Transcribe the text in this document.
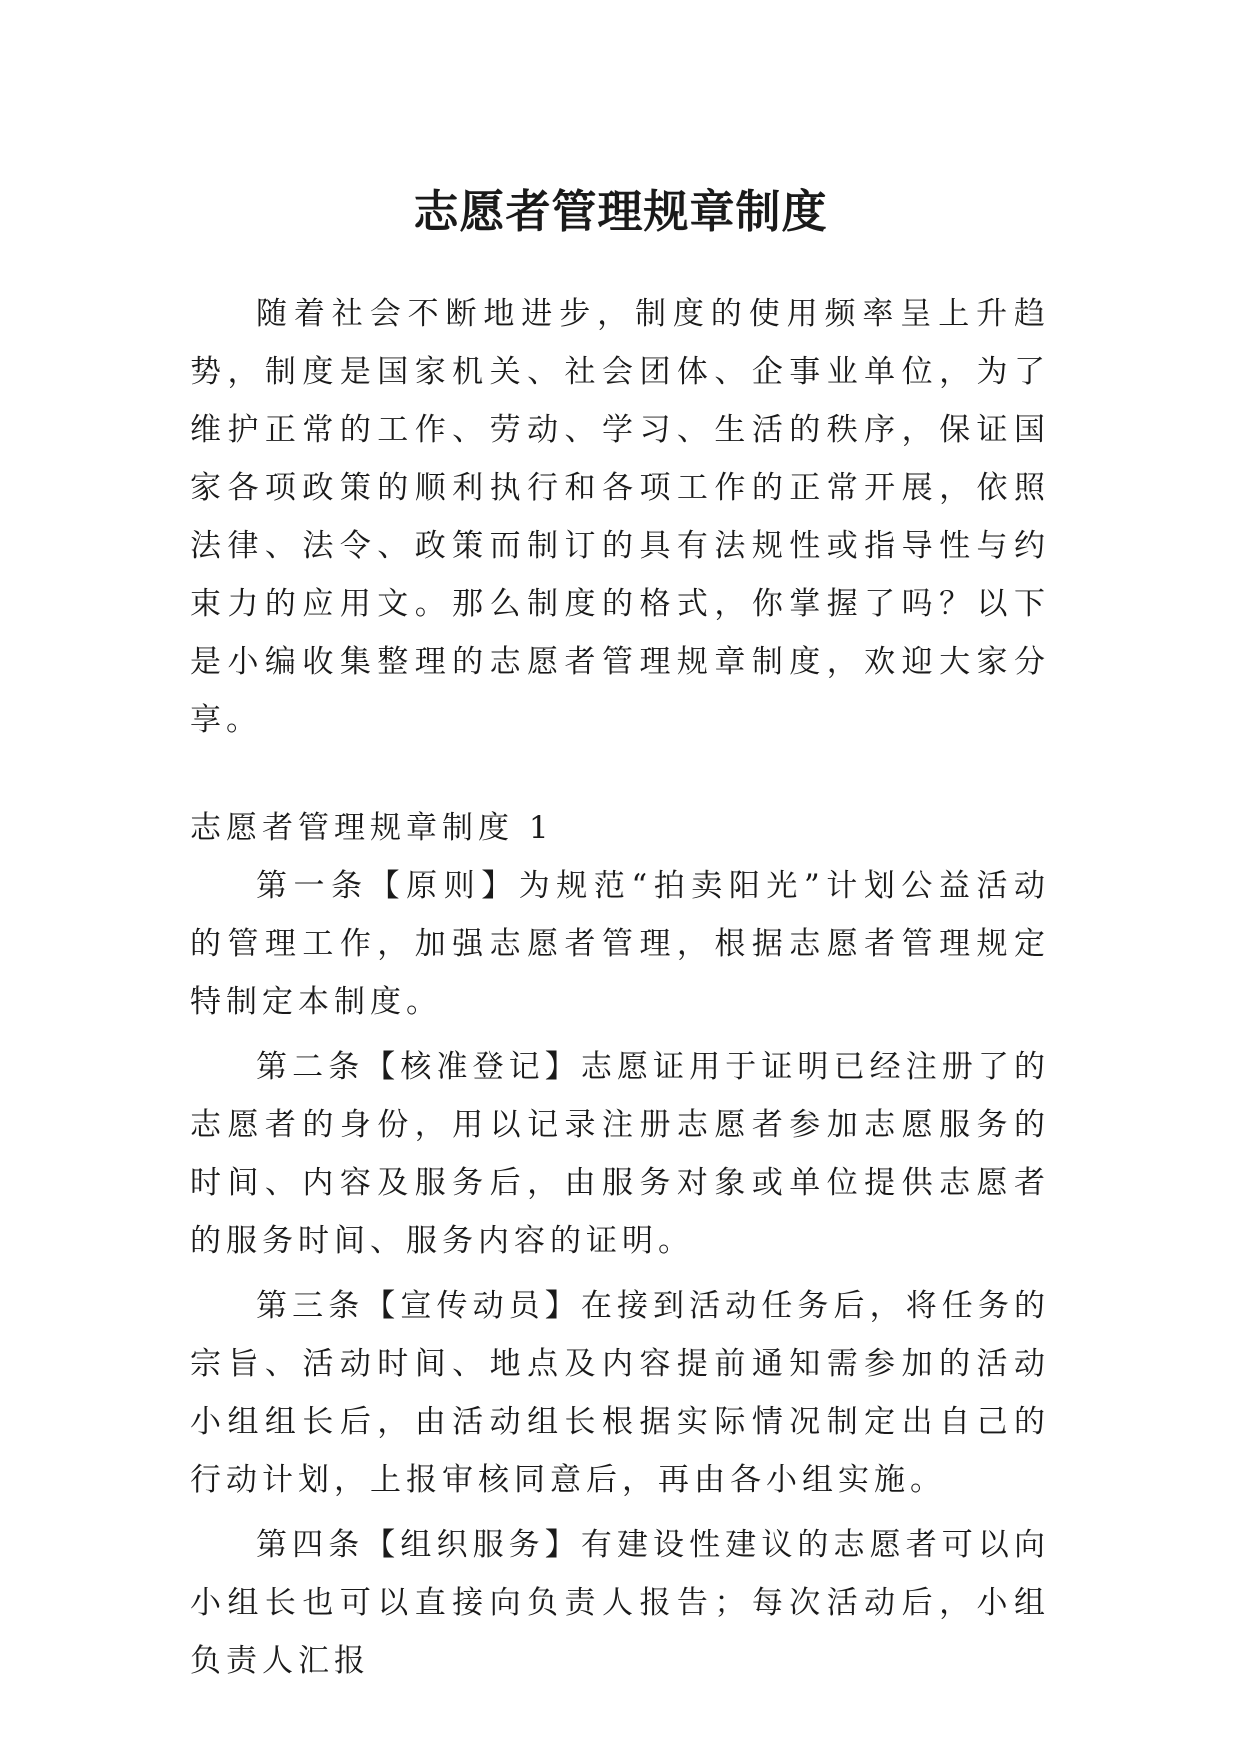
志愿者管理规章制度

随着社会不断地进步，制度的使用频率呈上升趋势，制度是国家机关、社会团体、企事业单位，为了维护正常的工作、劳动、学习、生活的秩序，保证国家各项政策的顺利执行和各项工作的正常开展，依照法律、法令、政策而制订的具有法规性或指导性与约束力的应用文。那么制度的格式，你掌握了吗？以下是小编收集整理的志愿者管理规章制度，欢迎大家分享。

志愿者管理规章制度 1

第一条【原则】为规范“拍卖阳光”计划公益活动的管理工作，加强志愿者管理，根据志愿者管理规定特制定本制度。

第二条【核准登记】志愿证用于证明已经注册了的志愿者的身份，用以记录注册志愿者参加志愿服务的时间、内容及服务后，由服务对象或单位提供志愿者的服务时间、服务内容的证明。

第三条【宣传动员】在接到活动任务后，将任务的宗旨、活动时间、地点及内容提前通知需参加的活动小组组长后，由活动组长根据实际情况制定出自己的行动计划，上报审核同意后，再由各小组实施。

第四条【组织服务】有建设性建议的志愿者可以向小组长也可以直接向负责人报告；每次活动后，小组负责人汇报
